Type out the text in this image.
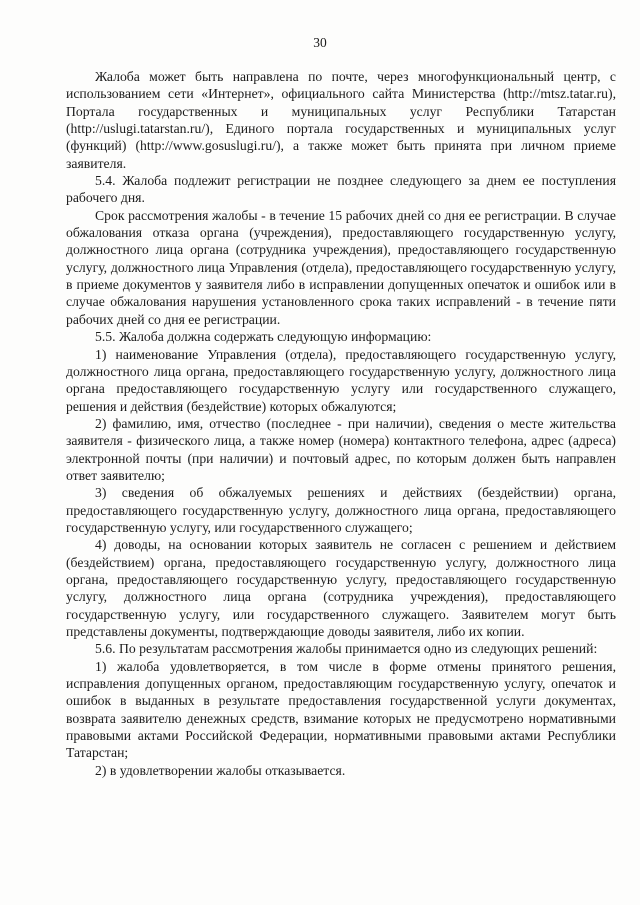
30

Жалоба может быть направлена по почте, через многофункциональный центр, с использованием сети «Интернет», официального сайта Министерства (http://mtsz.tatar.ru), Портала государственных и муниципальных услуг Республики Татарстан (http://uslugi.tatarstan.ru/), Единого портала государственных и муниципальных услуг (функций) (http://www.gosuslugi.ru/), а также может быть принята при личном приеме заявителя.

5.4. Жалоба подлежит регистрации не позднее следующего за днем ее поступления рабочего дня.

Срок рассмотрения жалобы - в течение 15 рабочих дней со дня ее регистрации. В случае обжалования отказа органа (учреждения), предоставляющего государственную услугу, должностного лица органа (сотрудника учреждения), предоставляющего государственную услугу, должностного лица Управления (отдела), предоставляющего государственную услугу, в приеме документов у заявителя либо в исправлении допущенных опечаток и ошибок или в случае обжалования нарушения установленного срока таких исправлений - в течение пяти рабочих дней со дня ее регистрации.

5.5. Жалоба должна содержать следующую информацию:

1) наименование Управления (отдела), предоставляющего государственную услугу, должностного лица органа, предоставляющего государственную услугу, должностного лица органа предоставляющего государственную услугу или государственного служащего, решения и действия (бездействие) которых обжалуются;

2) фамилию, имя, отчество (последнее - при наличии), сведения о месте жительства заявителя - физического лица, а также номер (номера) контактного телефона, адрес (адреса) электронной почты (при наличии) и почтовый адрес, по которым должен быть направлен ответ заявителю;

3) сведения об обжалуемых решениях и действиях (бездействии) органа, предоставляющего государственную услугу, должностного лица органа, предоставляющего государственную услугу, или государственного служащего;

4) доводы, на основании которых заявитель не согласен с решением и действием (бездействием) органа, предоставляющего государственную услугу, должностного лица органа, предоставляющего государственную услугу, предоставляющего государственную услугу, должностного лица органа (сотрудника учреждения), предоставляющего государственную услугу, или государственного служащего. Заявителем могут быть представлены документы, подтверждающие доводы заявителя, либо их копии.

5.6. По результатам рассмотрения жалобы принимается одно из следующих решений:

1) жалоба удовлетворяется, в том числе в форме отмены принятого решения, исправления допущенных органом, предоставляющим государственную услугу, опечаток и ошибок в выданных в результате предоставления государственной услуги документах, возврата заявителю денежных средств, взимание которых не предусмотрено нормативными правовыми актами Российской Федерации, нормативными правовыми актами Республики Татарстан;

2) в удовлетворении жалобы отказывается.
